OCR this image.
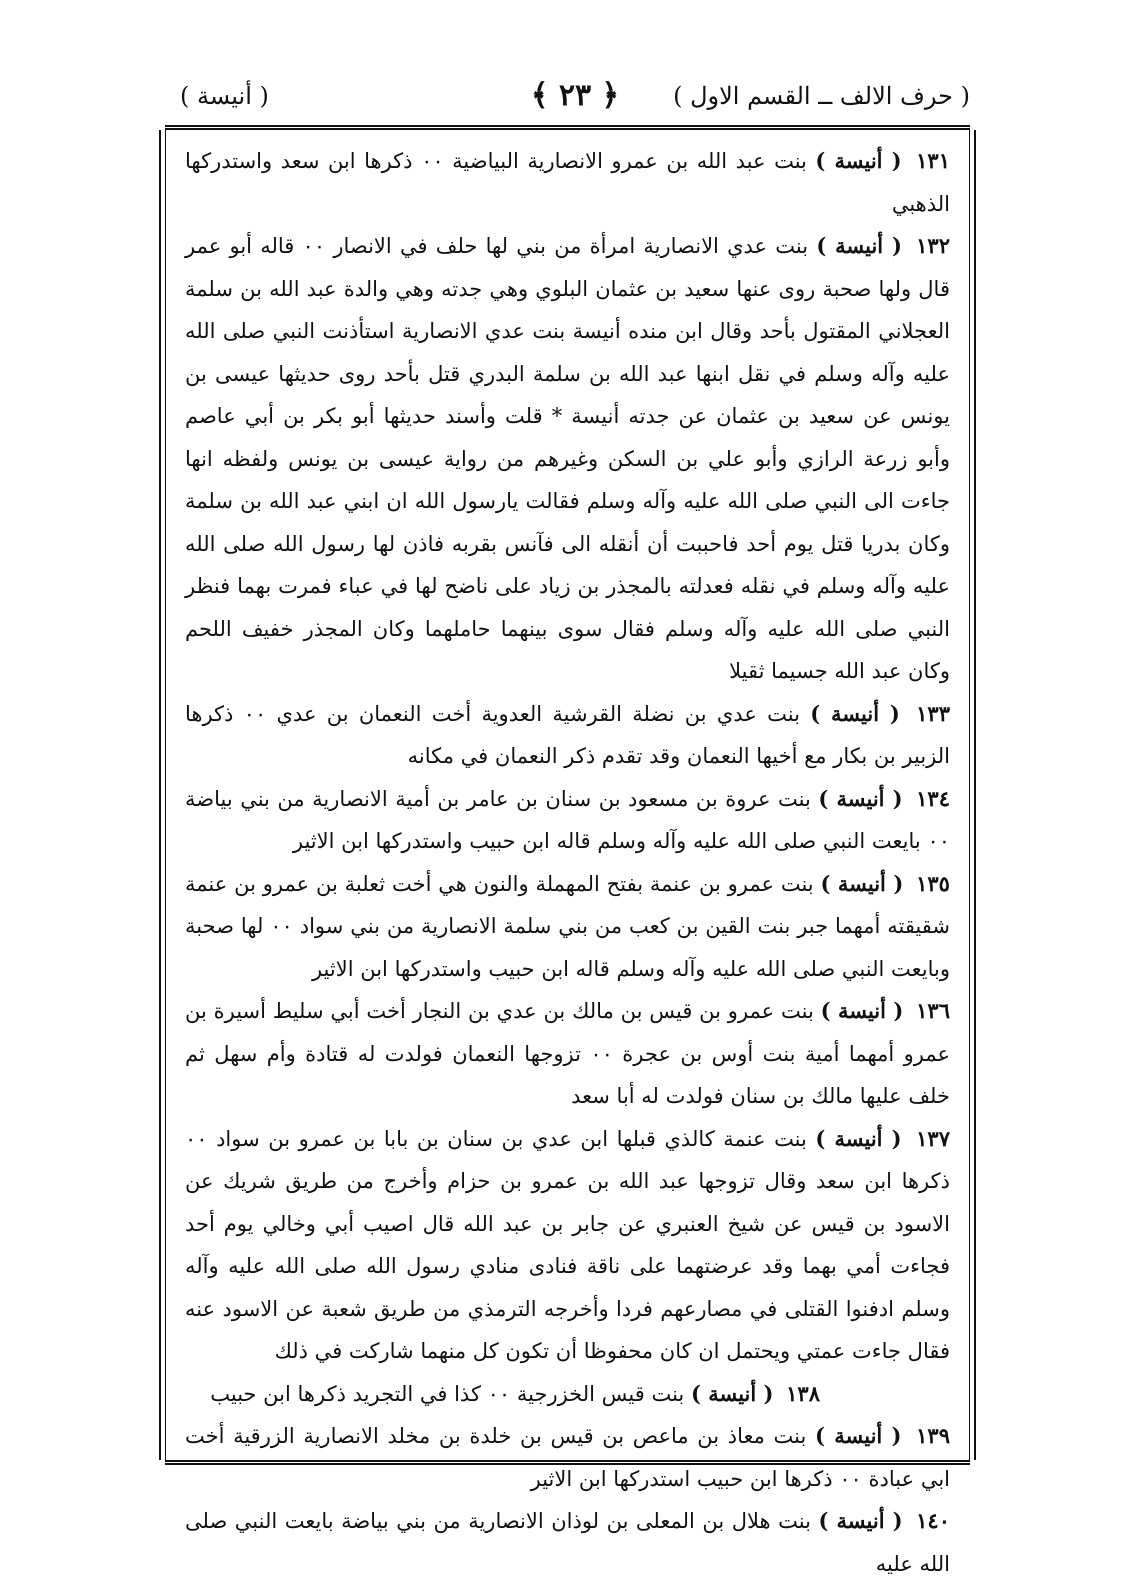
( حرف الالف ــ القسم الاول )
﴿ ٢٣ ﴾
( أنيسة )

١٣١ ( أنيسة ) بنت عبد الله بن عمرو الانصارية البياضية ٠٠ ذكرها ابن سعد واستدركها الذهبي

١٣٢ ( أنيسة ) بنت عدي الانصارية امرأة من بني لها حلف في الانصار ٠٠ قاله أبو عمر قال ولها صحبة روى عنها سعيد بن عثمان البلوي وهي جدته وهي والدة عبد الله بن سلمة العجلاني المقتول بأحد وقال ابن منده أنيسة بنت عدي الانصارية استأذنت النبي صلى الله عليه وآله وسلم في نقل ابنها عبد الله بن سلمة البدري قتل بأحد روى حديثها عيسى بن يونس عن سعيد بن عثمان عن جدته أنيسة * قلت وأسند حديثها أبو بكر بن أبي عاصم وأبو زرعة الرازي وأبو علي بن السكن وغيرهم من رواية عيسى بن يونس ولفظه انها جاءت الى النبي صلى الله عليه وآله وسلم فقالت يارسول الله ان ابني عبد الله بن سلمة وكان بدريا قتل يوم أحد فاحببت أن أنقله الى فآنس بقربه فاذن لها رسول الله صلى الله عليه وآله وسلم في نقله فعدلته بالمجذر بن زياد على ناضح لها في عباء فمرت بهما فنظر النبي صلى الله عليه وآله وسلم فقال سوى بينهما حاملهما وكان المجذر خفيف اللحم وكان عبد الله جسيما ثقيلا

١٣٣ ( أنيسة ) بنت عدي بن نضلة القرشية العدوية أخت النعمان بن عدي ٠٠ ذكرها الزبير بن بكار مع أخيها النعمان وقد تقدم ذكر النعمان في مكانه

١٣٤ ( أنيسة ) بنت عروة بن مسعود بن سنان بن عامر بن أمية الانصارية من بني بياضة ٠٠ بايعت النبي صلى الله عليه وآله وسلم قاله ابن حبيب واستدركها ابن الاثير

١٣٥ ( أنيسة ) بنت عمرو بن عنمة بفتح المهملة والنون هي أخت ثعلبة بن عمرو بن عنمة شقيقته أمهما جبر بنت القين بن كعب من بني سلمة الانصارية من بني سواد ٠٠ لها صحبة وبايعت النبي صلى الله عليه وآله وسلم قاله ابن حبيب واستدركها ابن الاثير

١٣٦ ( أنيسة ) بنت عمرو بن قيس بن مالك بن عدي بن النجار أخت أبي سليط أسيرة بن عمرو أمهما أمية بنت أوس بن عجرة ٠٠ تزوجها النعمان فولدت له قتادة وأم سهل ثم خلف عليها مالك بن سنان فولدت له أبا سعد

١٣٧ ( أنيسة ) بنت عنمة كالذي قبلها ابن عدي بن سنان بن بابا بن عمرو بن سواد ٠٠ ذكرها ابن سعد وقال تزوجها عبد الله بن عمرو بن حزام وأخرج من طريق شريك عن الاسود بن قيس عن شيخ العنبري عن جابر بن عبد الله قال اصيب أبي وخالي يوم أحد فجاءت أمي بهما وقد عرضتهما على ناقة فنادى منادي رسول الله صلى الله عليه وآله وسلم ادفنوا القتلى في مصارعهم فردا وأخرجه الترمذي من طريق شعبة عن الاسود عنه فقال جاءت عمتي ويحتمل ان كان محفوظا أن تكون كل منهما شاركت في ذلك

١٣٨ ( أنيسة ) بنت قيس الخزرجية ٠٠ كذا في التجريد ذكرها ابن حبيب

١٣٩ ( أنيسة ) بنت معاذ بن ماعص بن قيس بن خلدة بن مخلد الانصارية الزرقية أخت ابي عبادة ٠٠ ذكرها ابن حبيب استدركها ابن الاثير

١٤٠ ( أنيسة ) بنت هلال بن المعلى بن لوذان الانصارية من بني بياضة بايعت النبي صلى الله عليه
